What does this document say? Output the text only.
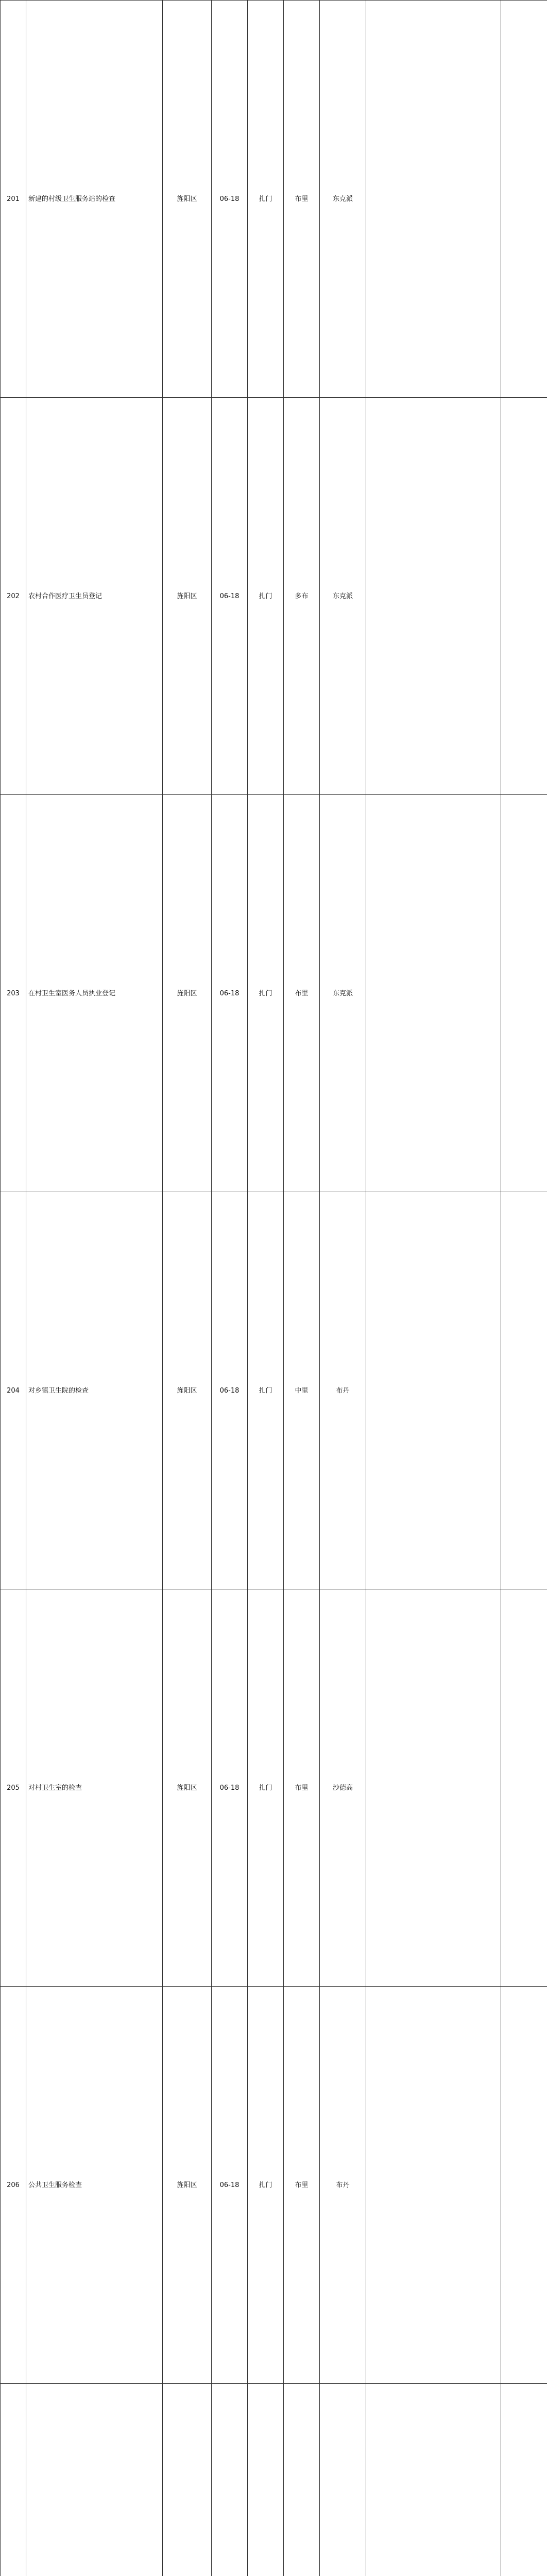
201	新建的村级卫生服务站的检查	旌阳区	06-18	扎门	布里	东克派		
202	农村合作医疗卫生员登记	旌阳区	06-18	扎门	多布	东克派		
203	在村卫生室医务人员执业登记	旌阳区	06-18	扎门	布里	东克派		
204	对乡镇卫生院的检查	旌阳区	06-18	扎门	中里	布丹		
205	对村卫生室的检查	旌阳区	06-18	扎门	布里	沙德高		
206	公共卫生服务检查	旌阳区	06-18	扎门	布里	布丹		
